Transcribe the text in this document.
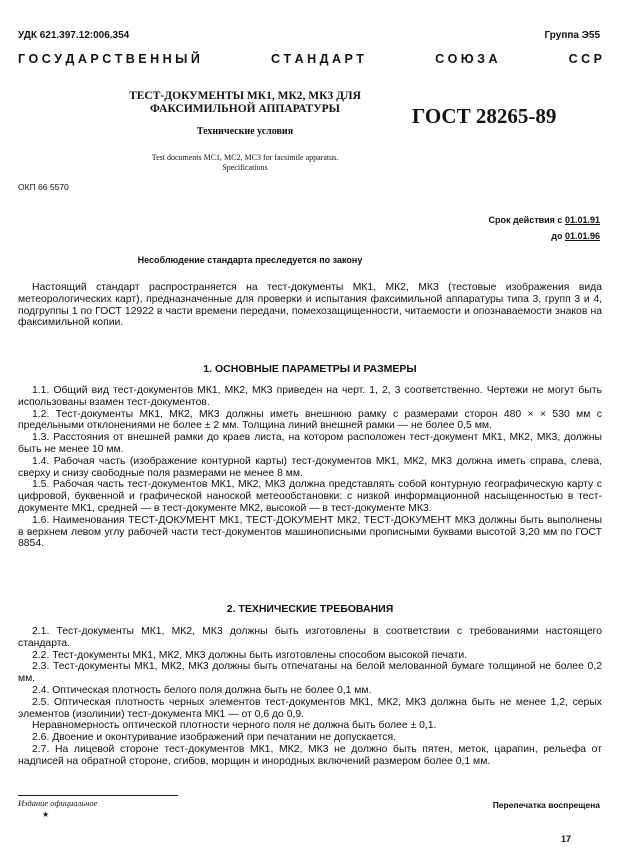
УДК 621.397.12:006.354	Группа Э55
Г О С У Д А Р С Т В Е Н Н Ы Й	С Т А Н Д А Р Т	С О Ю З А	С С Р
ТЕСТ-ДОКУМЕНТЫ МК1, МК2, МК3 ДЛЯ
ФАКСИМИЛЬНОЙ АППАРАТУРЫ	ГОСТ 28265-89
Технические условия
Test documents MC1, MC2, MC3 for facsimile apparatus.
Specifications
ОКП 66 5570
Срок действия с 01.01.91
до 01.01.96
Несоблюдение стандарта преследуется по закону

Настоящий стандарт распространяется на тест-документы МК1, МК2, МК3 (тестовые изображения вида метеорологических карт), предназначенные для проверки и испытания факсимильной аппаратуры типа 3, групп 3 и 4, подгруппы 1 по ГОСТ 12922 в части времени передачи, помехозащищенности, читаемости и опознаваемости знаков на факсимильной копии.

1. ОСНОВНЫЕ ПАРАМЕТРЫ И РАЗМЕРЫ

1.1. Общий вид тест-документов МК1, МК2, МК3 приведен на черт. 1, 2, 3 соответственно. Чертежи не могут быть использованы взамен тест-документов.

1.2. Тест-документы МК1, МК2, МК3 должны иметь внешнюю рамку с размерами сторон 480 × × 530 мм с предельными отклонениями не более ± 2 мм. Толщина линий внешней рамки — не более 0,5 мм.

1.3. Расстояния от внешней рамки до краев листа, на котором расположен тест-документ МК1, МК2, МК3, должны быть не менее 10 мм.

1.4. Рабочая часть (изображение контурной карты) тест-документов МК1, МК2, МК3 должна иметь справа, слева, сверху и снизу свободные поля размерами не менее 8 мм.

1.5. Рабочая часть тест-документов МК1, МК2, МК3 должна представлять собой контурную географическую карту с цифровой, буквенной и графической наноской метеообстановки: с низкой информационной насыщенностью в тест-документе МК1, средней — в тест-документе МК2, высокой — в тест-документе МК3.

1.6. Наименования ТЕСТ-ДОКУМЕНТ МК1, ТЕСТ-ДОКУМЕНТ МК2, ТЕСТ-ДОКУМЕНТ МК3 должны быть выполнены в верхнем левом углу рабочей части тест-документов машинописными прописными буквами высотой 3,20 мм по ГОСТ 8854.

2. ТЕХНИЧЕСКИЕ ТРЕБОВАНИЯ

2.1. Тест-документы МК1, МК2, МК3 должны быть изготовлены в соответствии с требованиями настоящего стандарта.

2.2. Тест-документы МК1, МК2, МК3 должны быть изготовлены способом высокой печати.

2.3. Тест-документы МК1, МК2, МК3 должны быть отпечатаны на белой мелованной бумаге толщиной не более 0,2 мм.

2.4. Оптическая плотность белого поля должна быть не более 0,1 мм.

2.5. Оптическая плотность черных элементов тест-документов МК1, МК2, МК3 должна быть не менее 1,2, серых элементов (изолинии) тест-документа МК1 — от 0,6 до 0,9.

Неравномерность оптической плотности черного поля не должна быть более ± 0,1.

2.6. Двоение и оконтуривание изображений при печатании не допускается.

2.7. На лицевой стороне тест-документов МК1, МК2, МК3 не должно быть пятен, меток, царапин, рельефа от надписей на обратной стороне, сгибов, морщин и инородных включений размером более 0,1 мм.

Издание официальное
★
Перепечатка воспрещена
17
